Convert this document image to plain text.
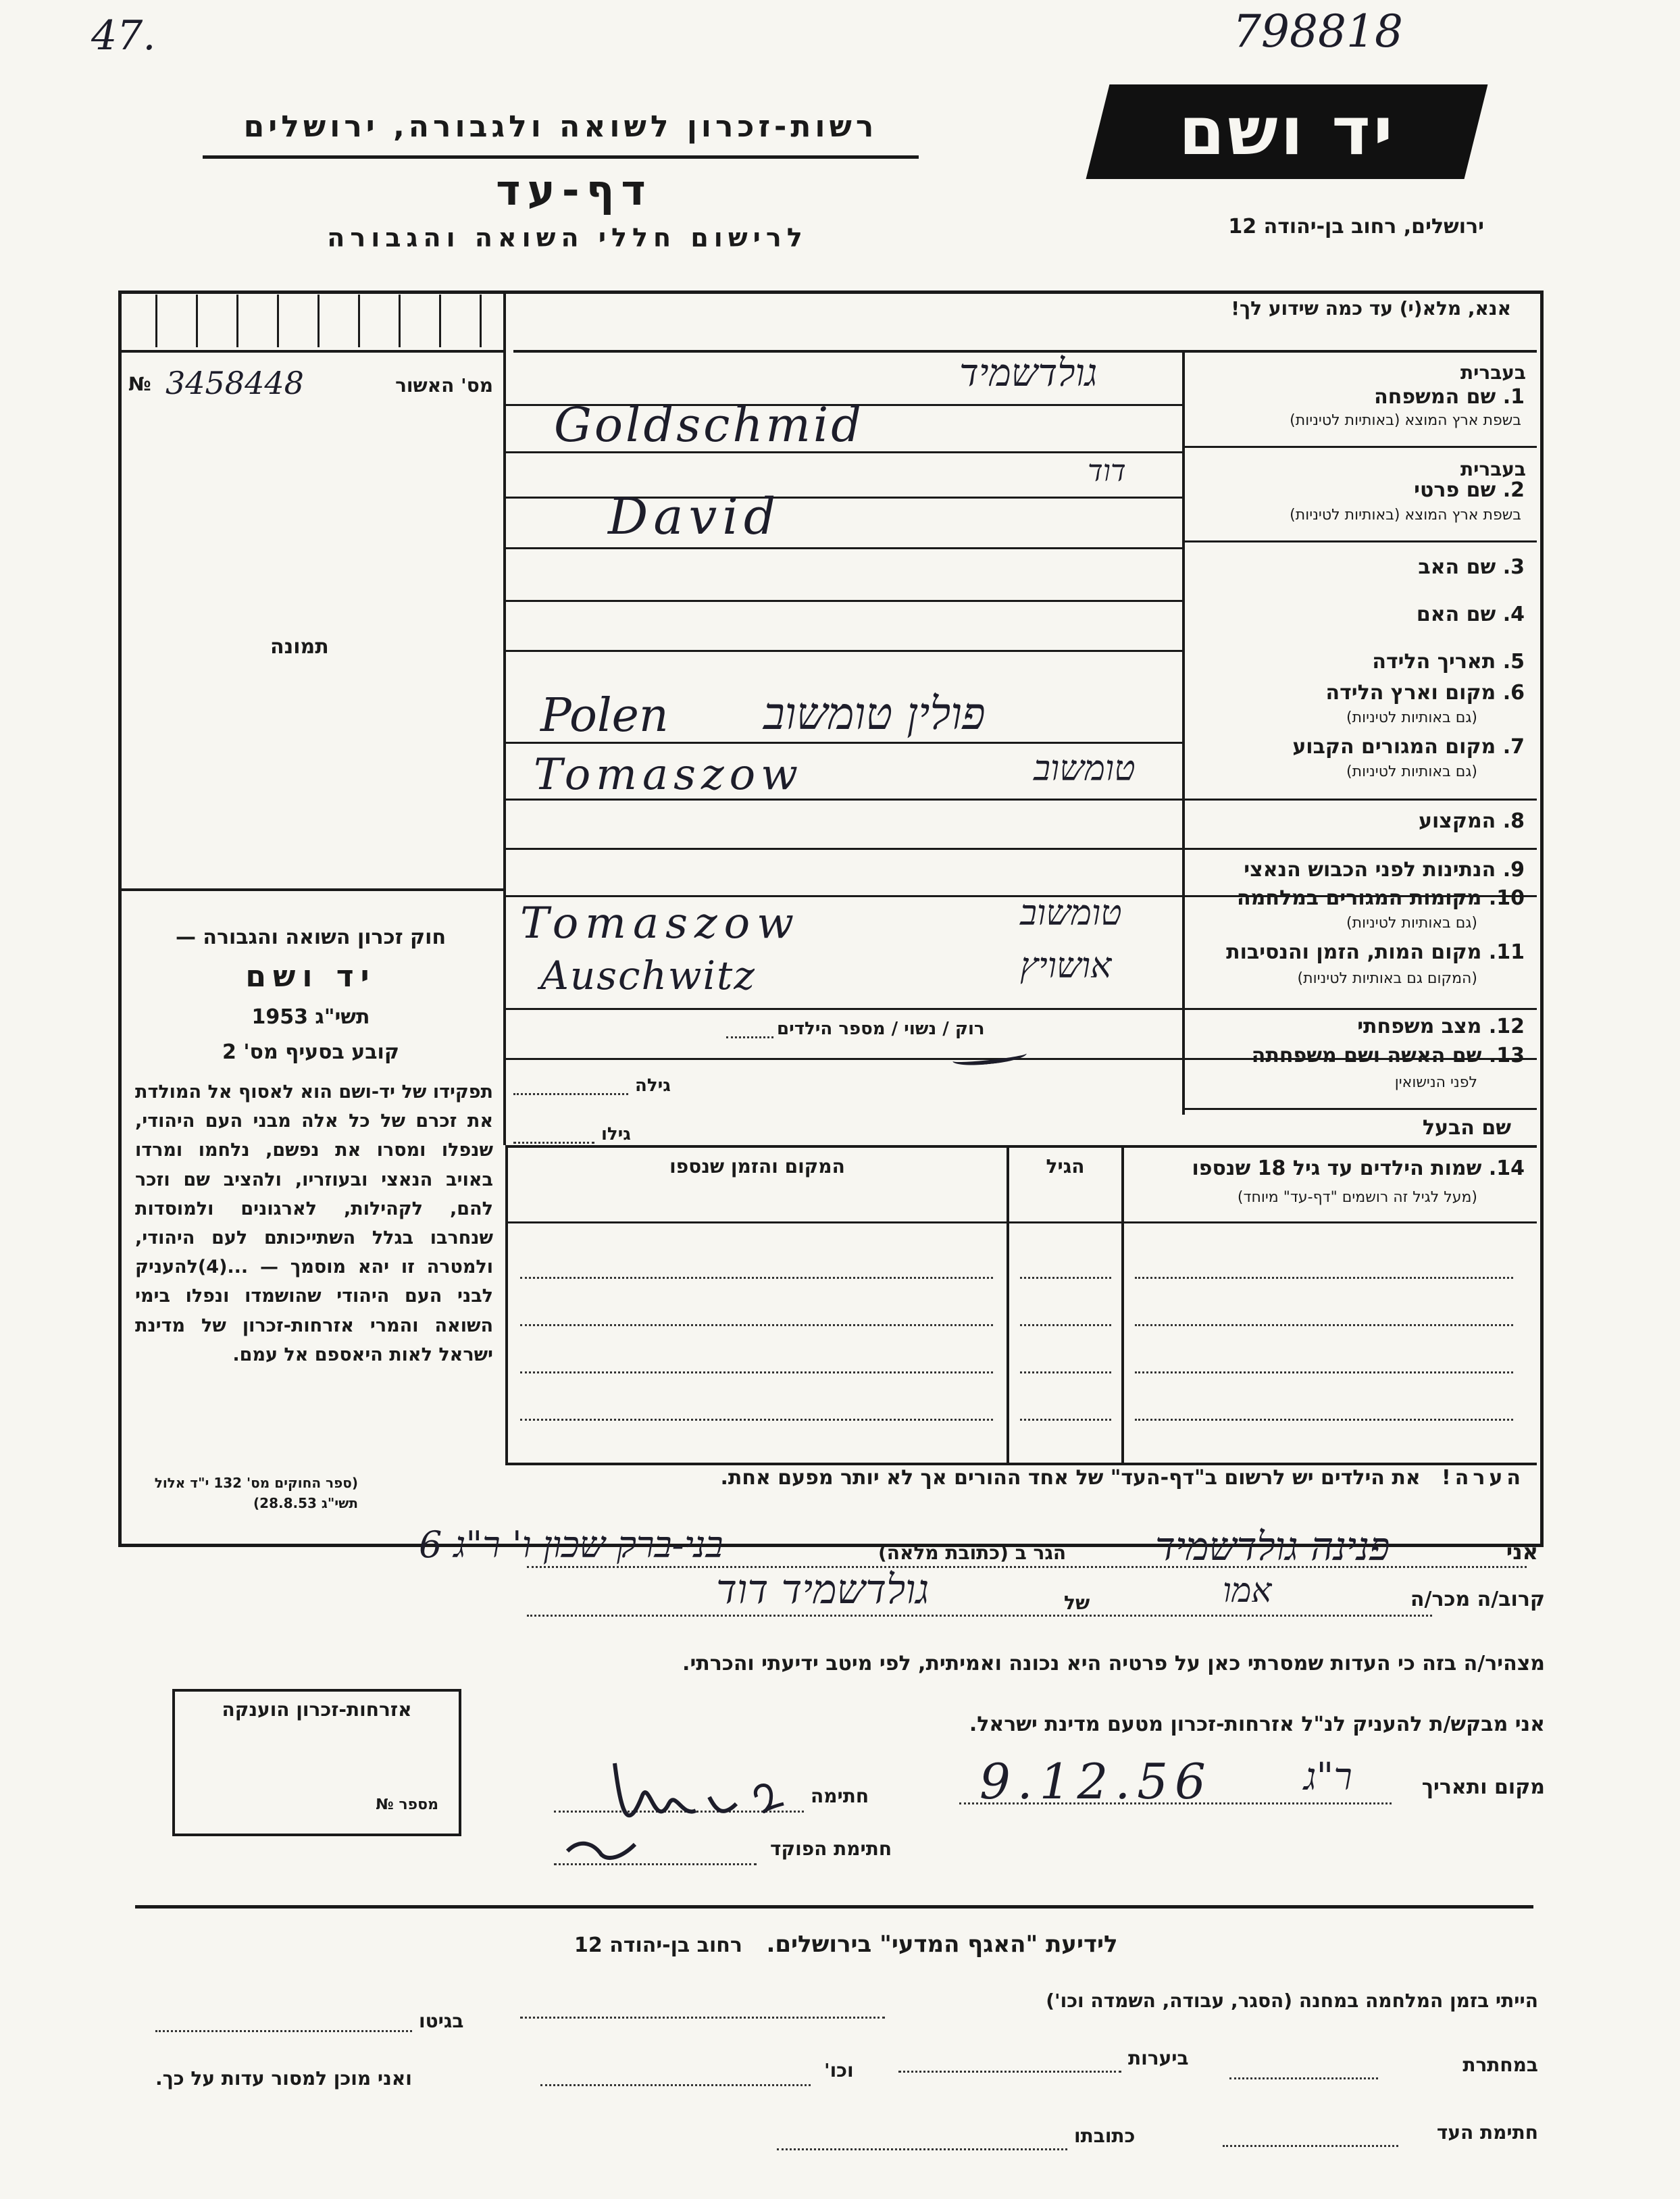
47.	798818
יד ושם
ירושלים, רחוב בן-יהודה 12
רשות-זכרון לשואה ולגבורה, ירושלים
דף-עד
לרישום חללי השואה והגבורה
אנא, מלא(י) עד כמה שידוע לך!
№ 3458448	מס' האשור
תמונה
בעברית
1. שם המשפחה
בשפת ארץ המוצא (באותיות לטיניות)
גולדשמיד
Goldschmid
בעברית
2. שם פרטי
בשפת ארץ המוצא (באותיות לטיניות)
דוד
David
3. שם האב
4. שם האם
5. תאריך הלידה
6. מקום וארץ הלידה
(גם באותיות לטיניות)
Polen פולין טומשוב
7. מקום המגורים הקבוע
(גם באותיות לטיניות)
Tomaszow	טומשוב
8. המקצוע
9. הנתינות לפני הכבוש הנאצי
10. מקומות המגורים במלחמה
(גם באותיות לטיניות)
Tomaszow	טומשוב
11. מקום המות, הזמן והנסיבות
(המקום גם באותיות לטיניות)
Auschwitz	אושויץ
12. מצב משפחתי
רוק / נשוי / מספר הילדים
13. שם האשה ושם משפחתה
לפני הנישואין
גילה
שם הבעל
גילו
14. שמות הילדים עד גיל 18 שנספו
(מעל לגיל זה רושמים "דף-עד" מיוחד)
הגיל
המקום והזמן שנספו
הערה!   את הילדים יש לרשום ב"דף-העד" של אחד ההורים אך לא יותר מפעם אחת.
חוק זכרון השואה והגבורה —
יד ושם
תשי"ג 1953
קובע בסעיף מס' 2
תפקידו של יד-ושם הוא לאסוף אל המולדת את זכרם של כל אלה מבני העם היהודי, שנפלו ומסרו את נפשם, נלחמו ומרדו באויב הנאצי ובעוזריו, ולהציב שם וזכר להם, לקהילות, לארגונים ולמוסדות שנחרבו בגלל השתייכותם לעם היהודי, ולמטרה זו יהא מוסמך — ...(4)להעניק לבני העם היהודי שהושמדו ונפלו בימי השואה והמרי אזרחות-זכרון של מדינת ישראל לאות היאספם אל עמם.
(ספר החוקים מס' 132 י"ד אלול תשי"ג 28.8.53)
אזרחות-זכרון הוענקה
מספר №
אני
פנינה גולדשמיד
הגר ב (כתובת מלאה)
בני-ברק שכון ו' ר"ג 6
קרוב/ה מכר/ה
אמו
של
גולדשמיד דוד
מצהיר/ה בזה כי העדות שמסרתי כאן על פרטיה היא נכונה ואמיתית, לפי מיטב ידיעתי והכרתי.
אני מבקש/ת להעניק לנ"ל אזרחות-זכרון מטעם מדינת ישראל.
מקום ותאריך
ר"ג
9.12.56
חתימה
חתימת הפוקד
לידיעת "האגף המדעי" בירושלים.   רחוב בן-יהודה 12
הייתי בזמן המלחמה במחנה (הסגר, עבודה, השמדה וכו')
בגיטו
במחתרת
ביערות
וכו'
ואני מוכן למסור עדות על כך.
חתימת העד
כתובתו
